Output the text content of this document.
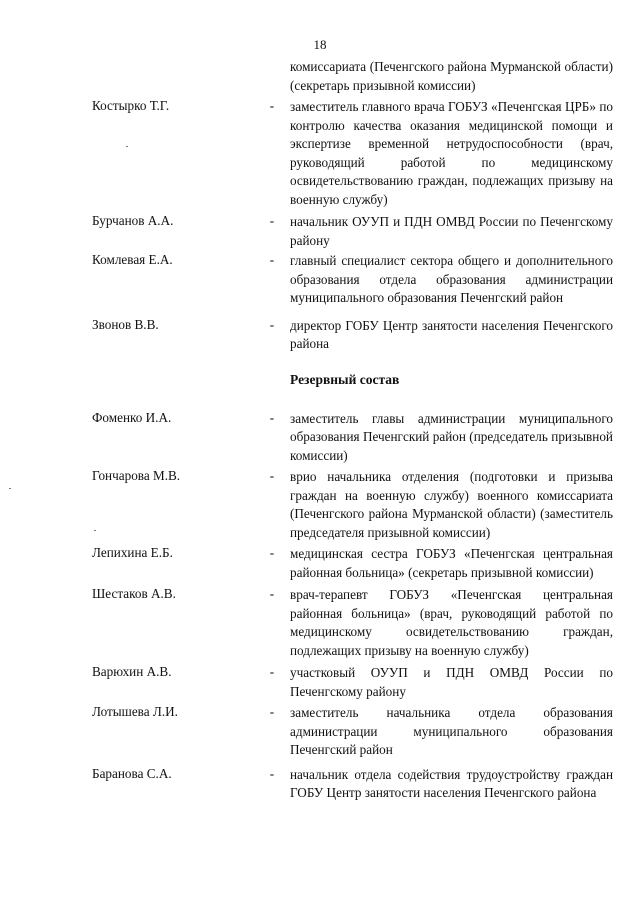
18
комиссариата (Печенгского района Мурманской области) (секретарь призывной комиссии)
Костырко Т.Г.	-	заместитель главного врача ГОБУЗ «Печенгская ЦРБ» по контролю качества оказания медицинской помощи и экспертизе временной нетрудоспособности (врач, руководящий работой по медицинскому освидетельствованию граждан, подлежащих призыву на военную службу)
Бурчанов А.А.	-	начальник ОУУП и ПДН ОМВД России по Печенгскому району
Комлевая Е.А.	-	главный специалист сектора общего и дополнительного образования отдела образования администрации муниципального образования Печенгский район
Звонов В.В.	-	директор ГОБУ Центр занятости населения Печенгского района
Резервный состав
Фоменко И.А.	-	заместитель главы администрации муниципального образования Печенгский район (председатель призывной комиссии)
Гончарова М.В.	-	врио начальника отделения (подготовки и призыва граждан на военную службу) военного комиссариата (Печенгского района Мурманской области) (заместитель председателя призывной комиссии)
Лепихина Е.Б.	-	медицинская сестра ГОБУЗ «Печенгская центральная районная больница» (секретарь призывной комиссии)
Шестаков А.В.	-	врач-терапевт ГОБУЗ «Печенгская центральная районная больница» (врач, руководящий работой по медицинскому освидетельствованию граждан, подлежащих призыву на военную службу)
Варюхин А.В.	-	участковый ОУУП и ПДН ОМВД России по Печенгскому району
Лотышева Л.И.	-	заместитель начальника отдела образования администрации муниципального образования Печенгский район
Баранова С.А.	-	начальник отдела содействия трудоустройству граждан ГОБУ Центр занятости населения Печенгского района
